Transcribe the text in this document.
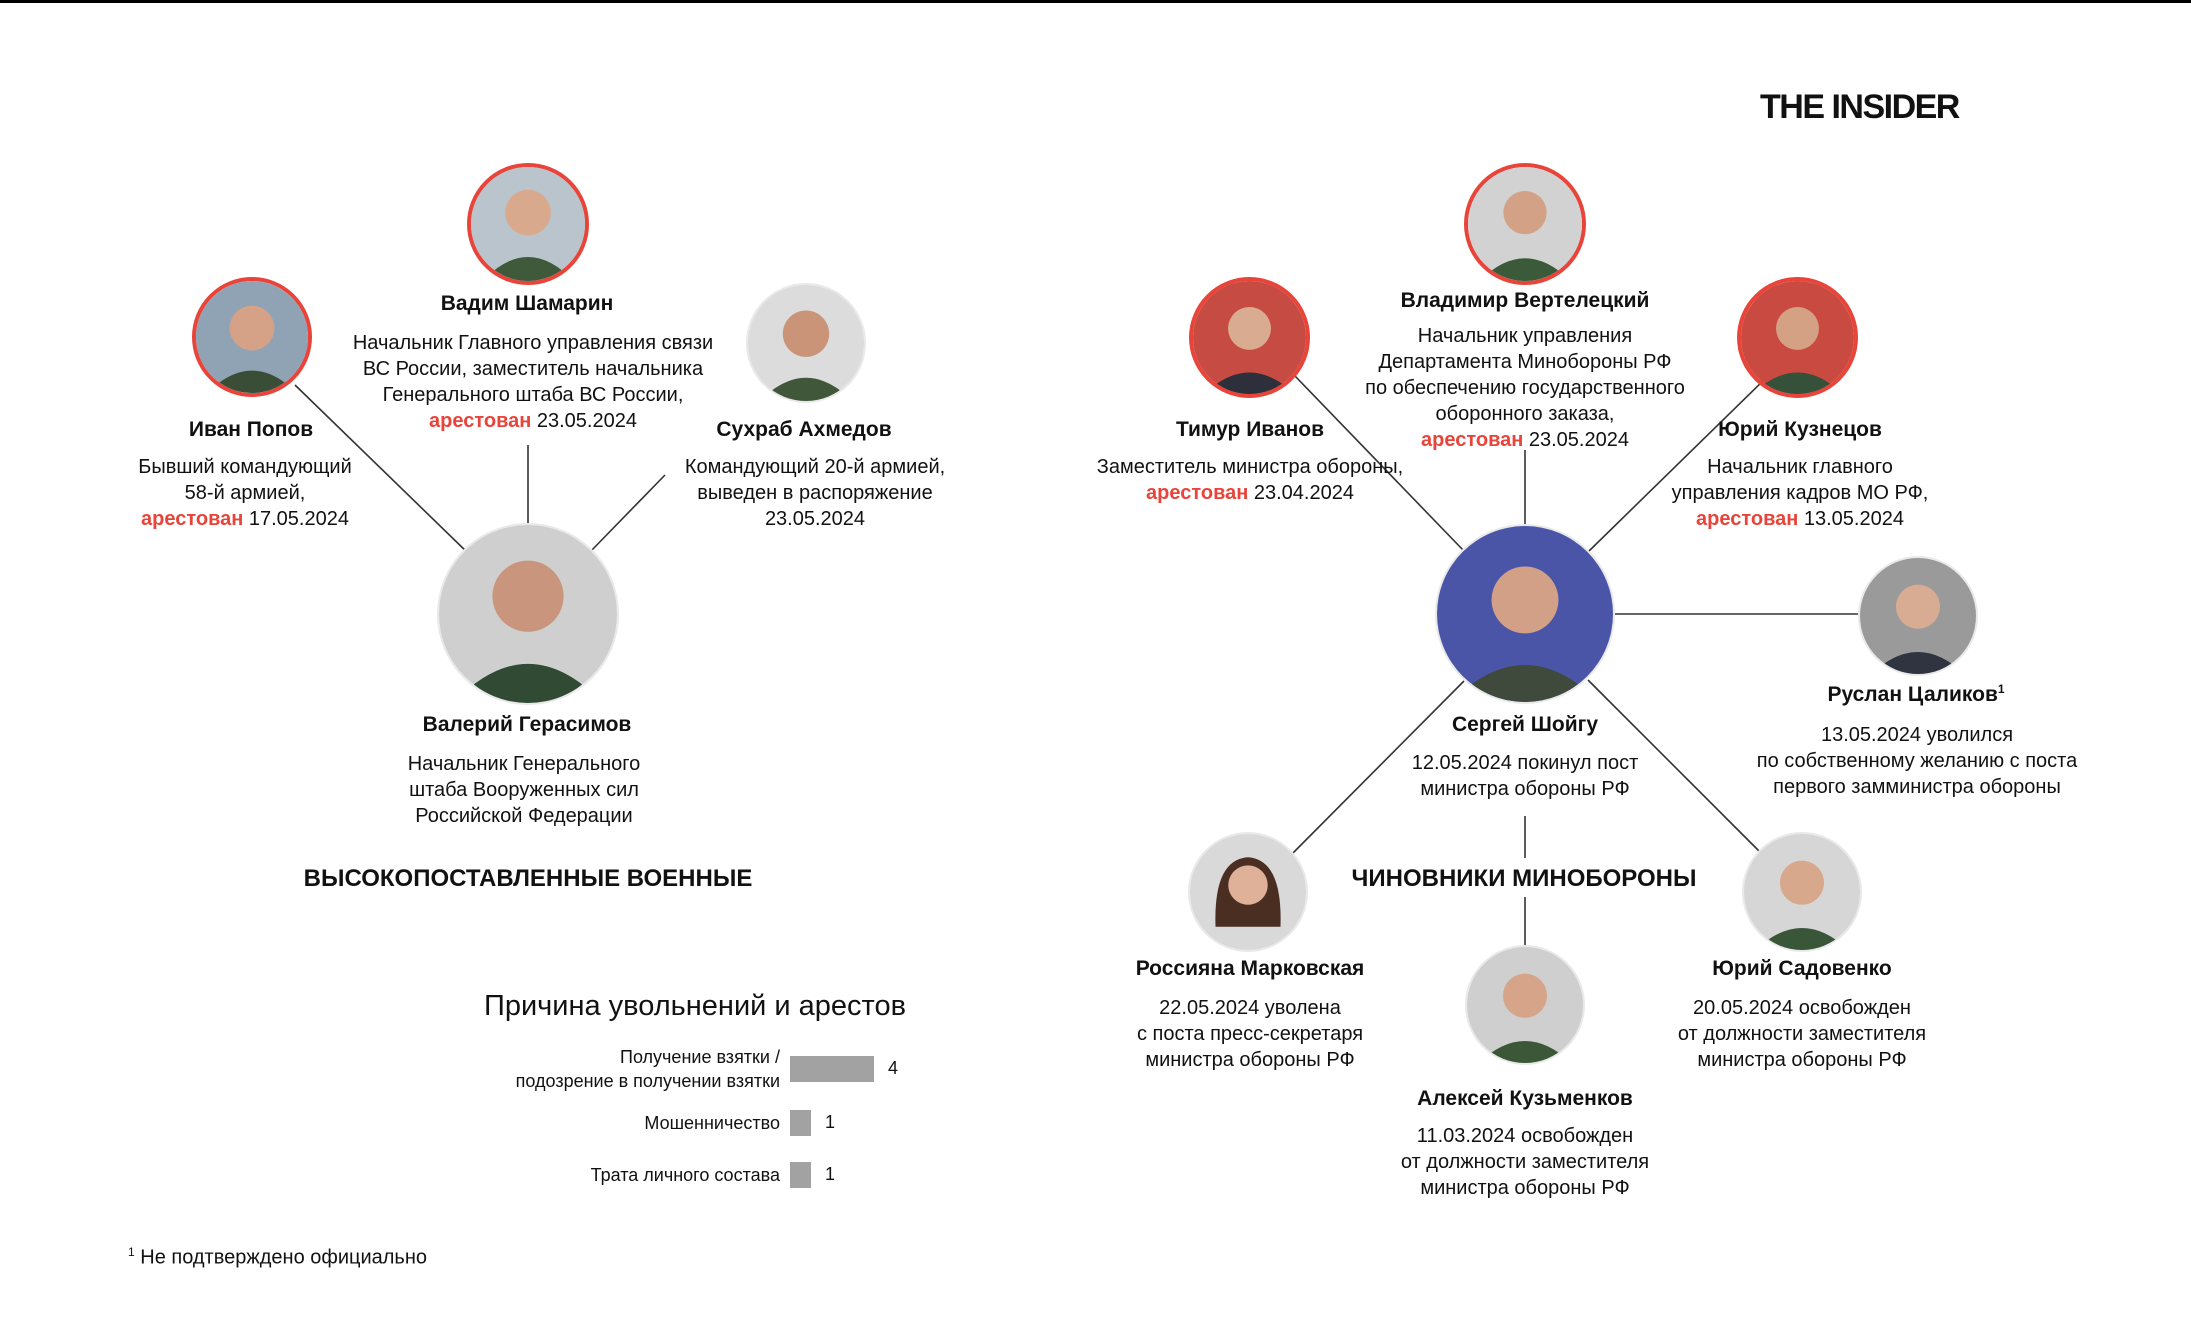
THE INSIDER
Вадим Шамарин
Иван Попов	Сухраб Ахмедов
Валерий Герасимов
Владимир Вертелецкий
Тимур Иванов	Юрий Кузнецов
Сергей Шойгу
Руслан Цаликов$^1$
Россияна Марковская
Алексей Кузьменков
Юрий Садовенко
Начальник Главного управления связи
ВС России, заместитель начальника
Генерального штаба ВС России,
арестован 23.05.2024
Бывший командующий
58-й армией,
арестован 17.05.2024
Командующий 20-й армией,
выведен в распоряжение
23.05.2024
Начальник Генерального
штаба Вооруженных сил
Российской Федерации
Начальник управления
Департамента Минобороны РФ
по обеспечению государственного
оборонного заказа,
арестован 23.05.2024
Заместитель министра обороны,
арестован 23.04.2024
Начальник главного
управления кадров МО РФ,
арестован 13.05.2024
12.05.2024 покинул пост
министра обороны РФ
13.05.2024 уволился
по собственному желанию с поста
первого замминистра обороны
22.05.2024 уволена
с поста пресс-секретаря
министра обороны РФ
11.03.2024 освобожден
от должности заместителя
министра обороны РФ
20.05.2024 освобожден
от должности заместителя
министра обороны РФ
ВЫСОКОПОСТАВЛЕННЫЕ ВОЕННЫЕ	ЧИНОВНИКИ МИНОБОРОНЫ
Причина увольнений и арестов
Получение взятки /
подозрение в получении взятки
4
Мошенничество	1
Трата личного состава	1
$^1$ Не подтверждено официально
